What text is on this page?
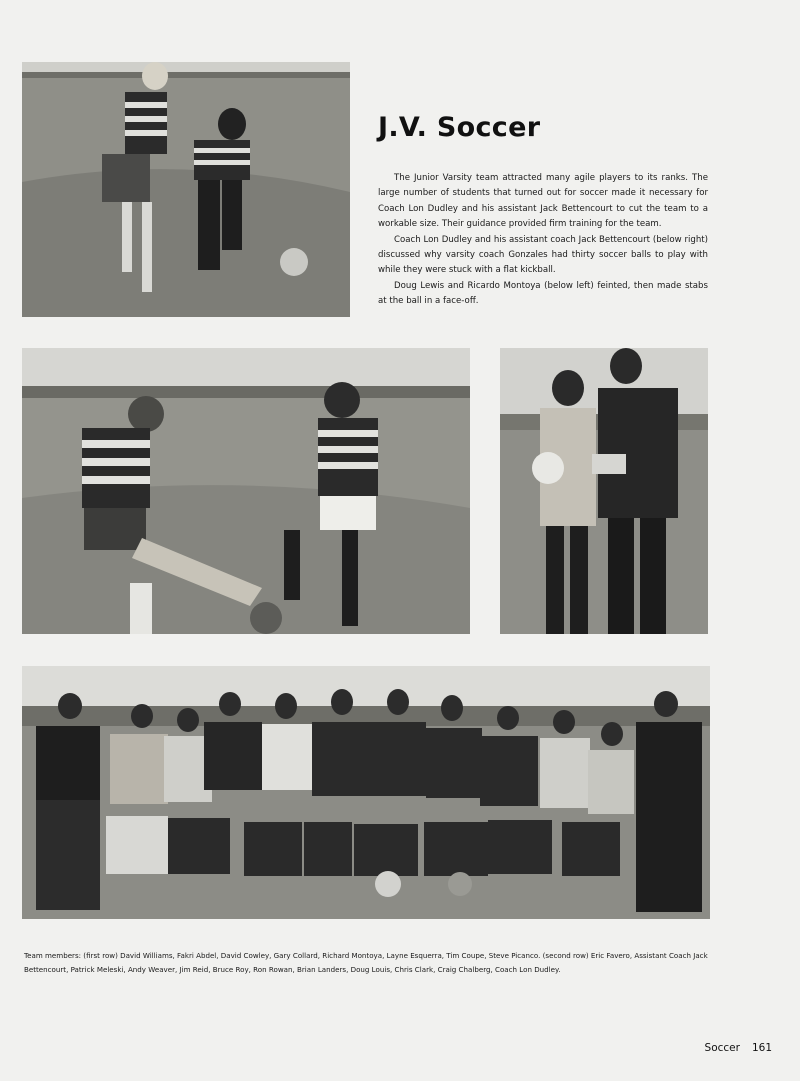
J.V. Soccer

The Junior Varsity team attracted many agile players to its ranks. The large number of students that turned out for soccer made it necessary for Coach Lon Dudley and his assistant Jack Bettencourt to cut the team to a workable size. Their guidance provided firm training for the team.

Coach Lon Dudley and his assistant coach Jack Bettencourt (below right) discussed why varsity coach Gonzales had thirty soccer balls to play with while they were stuck with a flat kickball.

Doug Lewis and Ricardo Montoya (below left) feinted, then made stabs at the ball in a face-off.

Team members: (first row) David Williams, Fakri Abdel, David Cowley, Gary Collard, Richard Montoya, Layne Esquerra, Tim Coupe, Steve Picanco. (second row) Eric Favero, Assistant Coach Jack Bettencourt, Patrick Meleski, Andy Weaver, Jim Reid, Bruce Roy, Ron Rowan, Brian Landers, Doug Louis, Chris Clark, Craig Chalberg, Coach Lon Dudley.
Soccer 161
